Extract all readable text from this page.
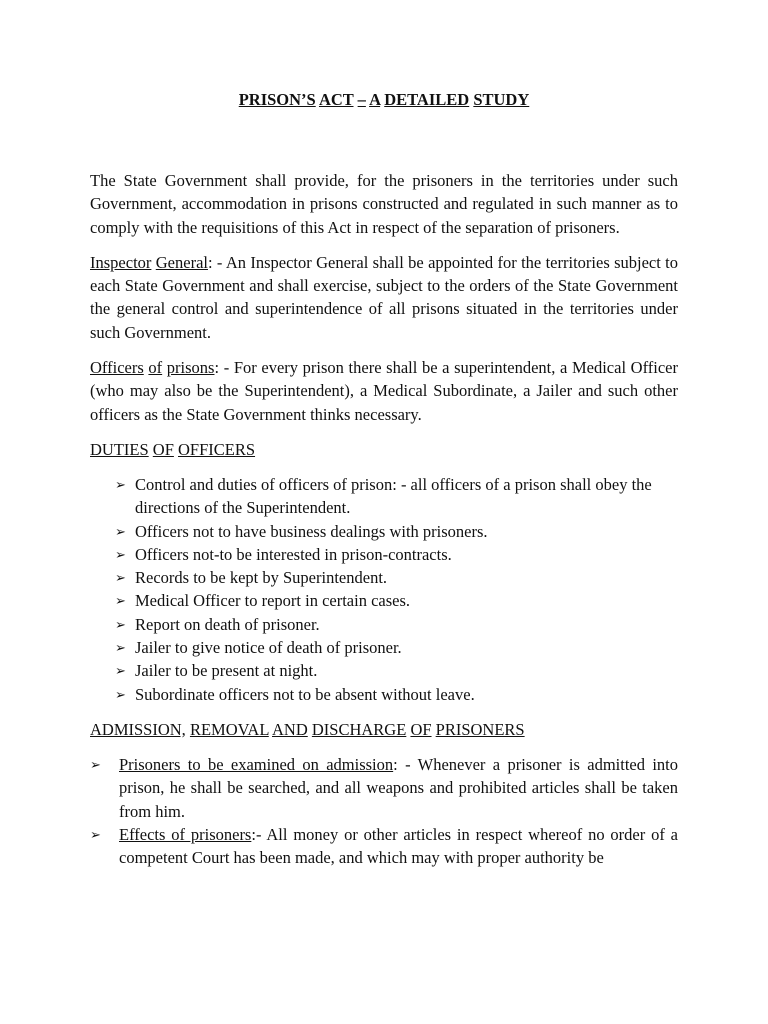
PRISON’S ACT – A DETAILED STUDY

The State Government shall provide, for the prisoners in the territories under such Government, accommodation in prisons constructed and regulated in such manner as to comply with the requisitions of this Act in respect of the separation of prisoners.

Inspector General: - An Inspector General shall be appointed for the territories subject to each State Government and shall exercise, subject to the orders of the State Government the general control and superintendence of all prisons situated in the territories under such Government.

Officers of prisons: - For every prison there shall be a superintendent, a Medical Officer (who may also be the Superintendent), a Medical Subordinate, a Jailer and such other officers as the State Government thinks necessary.

DUTIES OF OFFICERS
➢ Control and duties of officers of prison: - all officers of a prison shall obey the directions of the Superintendent.
➢ Officers not to have business dealings with prisoners.
➢ Officers not-to be interested in prison-contracts.
➢ Records to be kept by Superintendent.
➢ Medical Officer to report in certain cases.
➢ Report on death of prisoner.
➢ Jailer to give notice of death of prisoner.
➢ Jailer to be present at night.
➢ Subordinate officers not to be absent without leave.
ADMISSION, REMOVAL AND DISCHARGE OF PRISONERS
➢	Prisoners to be examined on admission: - Whenever a prisoner is admitted into prison, he shall be searched, and all weapons and prohibited articles shall be taken from him.
➢	Effects of prisoners:- All money or other articles in respect whereof no order of a competent Court has been made, and which may with proper authority be
